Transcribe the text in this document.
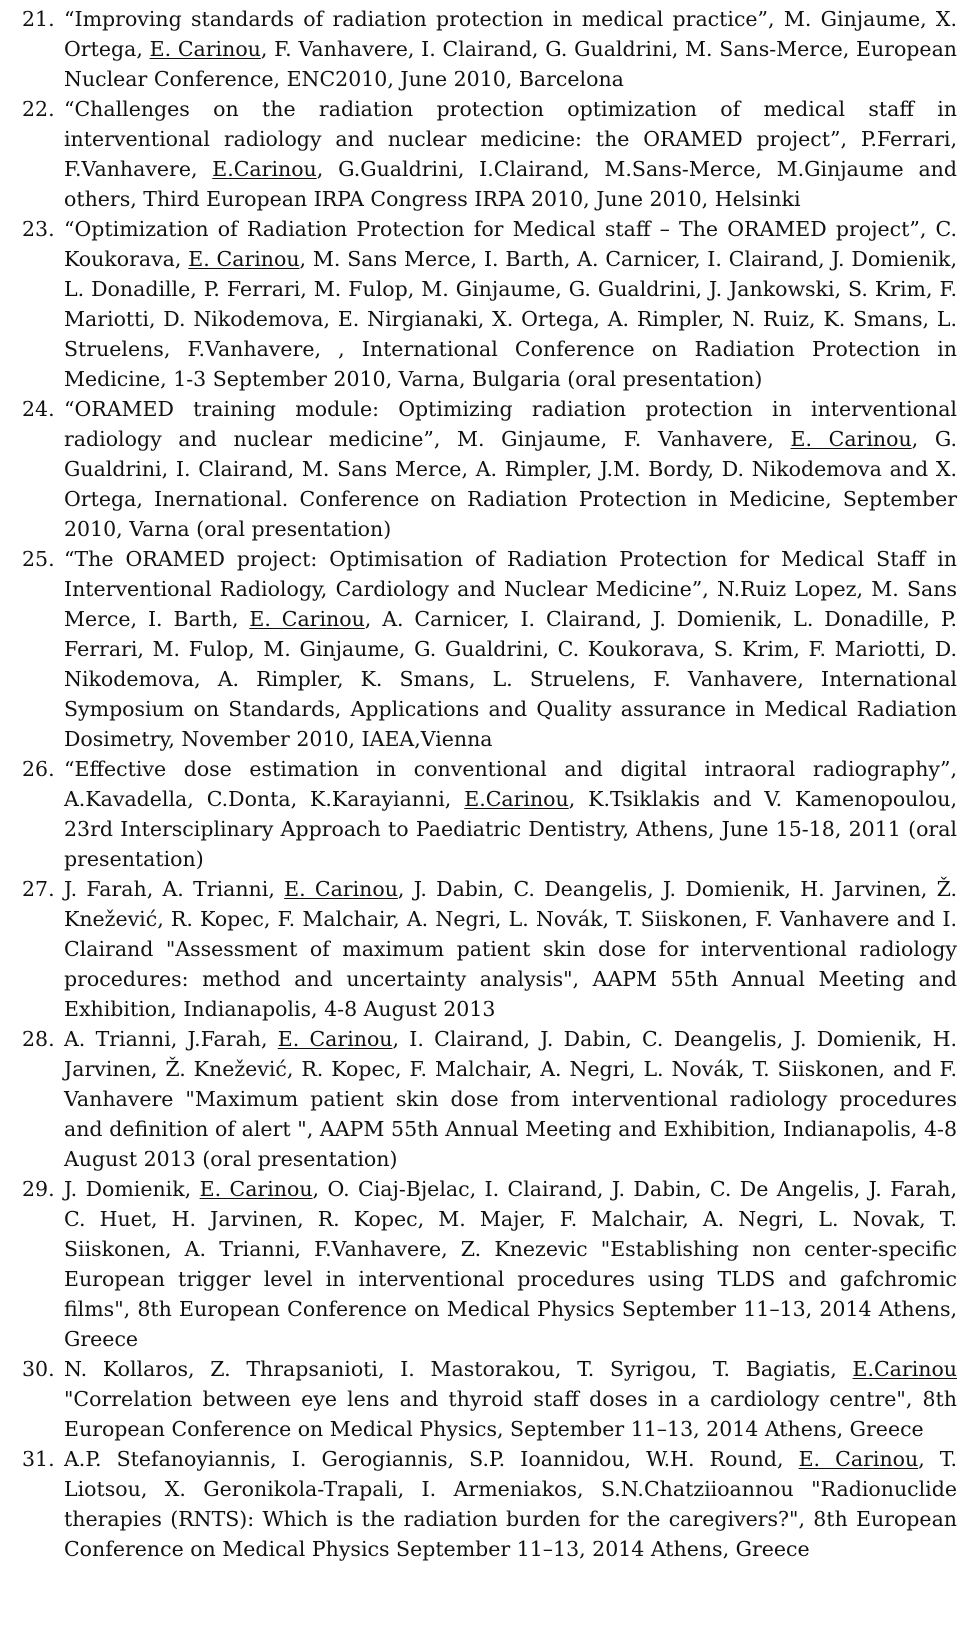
21. “Improving standards of radiation protection in medical practice”, M. Ginjaume, X. Ortega, E. Carinou, F. Vanhavere, I. Clairand, G. Gualdrini, M. Sans-Merce, European Nuclear Conference, ENC2010, June 2010, Barcelona
22. “Challenges on the radiation protection optimization of medical staff in interventional radiology and nuclear medicine: the ORAMED project”, P.Ferrari, F.Vanhavere, E.Carinou, G.Gualdrini, I.Clairand, M.Sans-Merce, M.Ginjaume and others, Third European IRPA Congress IRPA 2010, June 2010, Helsinki
23. “Optimization of Radiation Protection for Medical staff – The ORAMED project”, C. Koukorava, E. Carinou, M. Sans Merce, I. Barth, A. Carnicer, I. Clairand, J. Domienik, L. Donadille, P. Ferrari, M. Fulop, M. Ginjaume, G. Gualdrini, J. Jankowski, S. Krim, F. Mariotti, D. Nikodemova, E. Nirgianaki, X. Ortega, A. Rimpler, N. Ruiz, K. Smans, L. Struelens, F.Vanhavere, , International Conference on Radiation Protection in Medicine, 1-3 September 2010, Varna, Bulgaria (oral presentation)
24. “ORAMED training module: Optimizing radiation protection in interventional radiology and nuclear medicine”, M. Ginjaume, F. Vanhavere, E. Carinou, G. Gualdrini, I. Clairand, M. Sans Merce, A. Rimpler, J.M. Bordy, D. Nikodemova and X. Ortega, Inernational. Conference on Radiation Protection in Medicine, September 2010, Varna (oral presentation)
25. “The ORAMED project: Optimisation of Radiation Protection for Medical Staff in Interventional Radiology, Cardiology and Nuclear Medicine”, N.Ruiz Lopez, M. Sans Merce, I. Barth, E. Carinou, A. Carnicer, I. Clairand, J. Domienik, L. Donadille, P. Ferrari, M. Fulop, M. Ginjaume, G. Gualdrini, C. Koukorava, S. Krim, F. Mariotti, D. Nikodemova, A. Rimpler, K. Smans, L. Struelens, F. Vanhavere, International Symposium on Standards, Applications and Quality assurance in Medical Radiation Dosimetry, November 2010, IAEA,Vienna
26. “Effective dose estimation in conventional and digital intraoral radiography”, A.Kavadella, C.Donta, K.Karayianni, E.Carinou, K.Tsiklakis and V. Kamenopoulou, 23rd Intersciplinary Approach to Paediatric Dentistry, Athens, June 15-18, 2011 (oral presentation)
27. J. Farah, A. Trianni, E. Carinou, J. Dabin, C. Deangelis, J. Domienik, H. Jarvinen, Ž. Knežević, R. Kopec, F. Malchair, A. Negri, L. Novák, T. Siiskonen, F. Vanhavere and I. Clairand "Assessment of maximum patient skin dose for interventional radiology procedures: method and uncertainty analysis", AAPM 55th Annual Meeting and Exhibition, Indianapolis, 4-8 August 2013
28. A. Trianni, J.Farah, E. Carinou, I. Clairand, J. Dabin, C. Deangelis, J. Domienik, H. Jarvinen, Ž. Knežević, R. Kopec, F. Malchair, A. Negri, L. Novák, T. Siiskonen, and F. Vanhavere "Maximum patient skin dose from interventional radiology procedures and definition of alert ", AAPM 55th Annual Meeting and Exhibition, Indianapolis, 4-8 August 2013 (oral presentation)
29. J. Domienik, E. Carinou, O. Ciaj-Bjelac, I. Clairand, J. Dabin, C. De Angelis, J. Farah, C. Huet, H. Jarvinen, R. Kopec, M. Majer, F. Malchair, A. Negri, L. Novak, T. Siiskonen, A. Trianni, F.Vanhavere, Z. Knezevic "Establishing non center-specific European trigger level in interventional procedures using TLDS and gafchromic films", 8th European Conference on Medical Physics September 11–13, 2014 Athens, Greece
30. N. Kollaros, Z. Thrapsanioti, I. Mastorakou, T. Syrigou, T. Bagiatis, E.Carinou "Correlation between eye lens and thyroid staff doses in a cardiology centre", 8th European Conference on Medical Physics, September 11–13, 2014 Athens, Greece
31. A.P. Stefanoyiannis, I. Gerogiannis, S.P. Ioannidou, W.H. Round, E. Carinou, T. Liotsou, X. Geronikola-Trapali, I. Armeniakos, S.N.Chatziioannou "Radionuclide therapies (RNTS): Which is the radiation burden for the caregivers?", 8th European Conference on Medical Physics September 11–13, 2014 Athens, Greece
